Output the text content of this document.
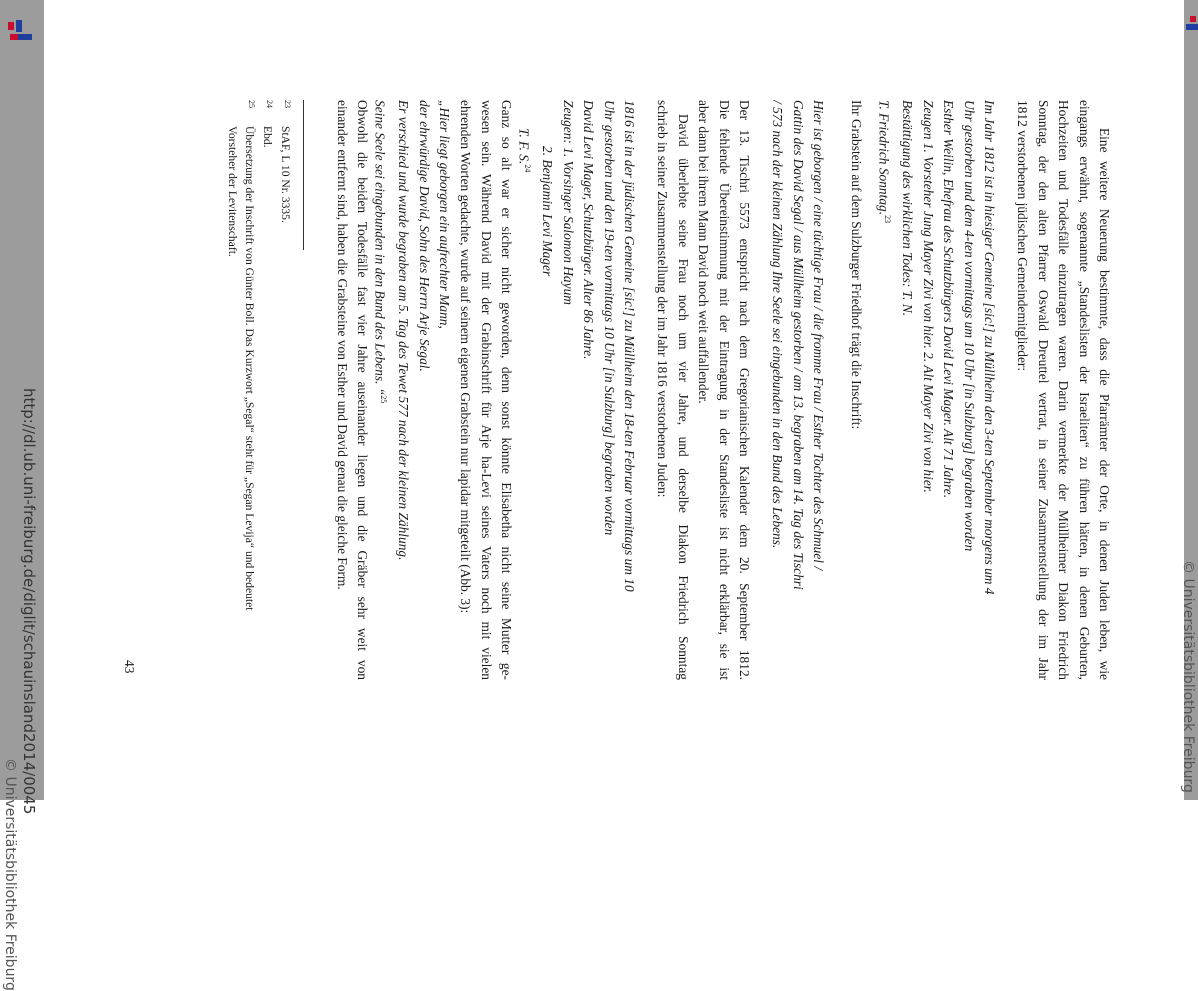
http://dl.ub.uni-freiburg.de/diglit/schauinsland2014/0045
© Universitätsbibliothek Freiburg
© Universitätsbibliothek Freiburg

Eine weitere Neuerung bestimmte, dass die Pfarrämter der Orte, in denen Juden leben, wie

eingangs erwähnt, sogenannte „Standeslisten der Israeliten“ zu führen hätten, in denen Geburten,

Hochzeiten und Todesfälle einzutragen waren. Darin vermerkte der Müllheimer Diakon Friedrich

Sonntag, der den alten Pfarrer Oswald Dreuttel vertrat, in seiner Zusammenstellung der im Jahr

1812 verstorbenen jüdischen Gemeindemitglieder:

Im Jahr 1812 ist in hiesiger Gemeine [sic!] zu Müllheim den 3-ten September morgens um 4

Uhr gestorben und dem 4-ten vormittags um 10 Uhr [in Sulzburg] begraben worden

Esther Weilin, Ehefrau des Schutzbürgers David Levi Mager. Alt 71 Jahre.

Zeugen 1. Vorsteher Jung Mayer Zivi von hier. 2. Alt Mayer Zivi von hier.

Bestättigung des wirklichen Todes: T. N.

T. Friedrich Sonntag.$^{23}$

Ihr Grabstein auf dem Sulzburger Friedhof trägt die Inschrift:

Hier ist geborgen / eine tüchtige Frau / die fromme Frau / Esther Tochter des Schmuel /

Gattin des David Segal / aus Müllheim gestorben / am 13. begraben am 14. Tag des Tischri

/ 573 nach der kleinen Zählung Ihre Seele sei eingebunden in den Bund des Lebens.

Der 13. Tischri 5573 entspricht nach dem Gregorianischen Kalender dem 20. September 1812.

Die fehlende Übereinstimmung mit der Eintragung in der Standesliste ist nicht erklärbar, sie ist

aber dann bei ihrem Mann David noch weit auffallender.

David überlebte seine Frau noch um vier Jahre, und derselbe Diakon Friedrich Sonntag

schrieb in seiner Zusammenstellung der im Jahr 1816 verstorbenen Juden:

1816 ist in der jüdischen Gemeine [sic!] zu Müllheim den 18-ten Februar vormittags um 10

Uhr gestorben und den 19-ten vormittags 10 Uhr [in Sulzburg] begraben worden

David Levi Mager, Schutzbürger. Alter 86 Jahre.

Zeugen: 1. Vorsinger Salomon Hayum

2. Benjamin Levi Mager

T. F. S.$^{24}$

Ganz so alt war er sicher nicht geworden, denn sonst könnte Elisabetha nicht seine Mutter ge-

wesen sein. Während David mit der Grabinschrift für Arje ha-Levi seines Vaters noch mit vielen

ehrenden Worten gedachte, wurde auf seinem eigenen Grabstein nur lapidar mitgeteilt (Abb. 3):

„Hier liegt geborgen ein aufrechter Mann,

der ehrwürdige David, Sohn des Herrn Arje Segal.

Er verschied und wurde begraben am 5. Tag des Tewet 577 nach der kleinen Zählung.

Seine Seele sei eingebunden in den Bund des Lebens. “$^{25}$

Obwohl die beiden Todesfälle fast vier Jahre auseinander liegen und die Gräber sehr weit von

einander entfernt sind, haben die Grabsteine von Esther und David genau die gleiche Form.

23

StAF, L 10 Nr. 3335.

24

Ebd.

25

Übersetzung der Inschrift von Günter Boll. Das Kurzwort „Segal“ steht für „Segan Levija“ und bedeutet

Vorsteher der Levitenschaft.

43
